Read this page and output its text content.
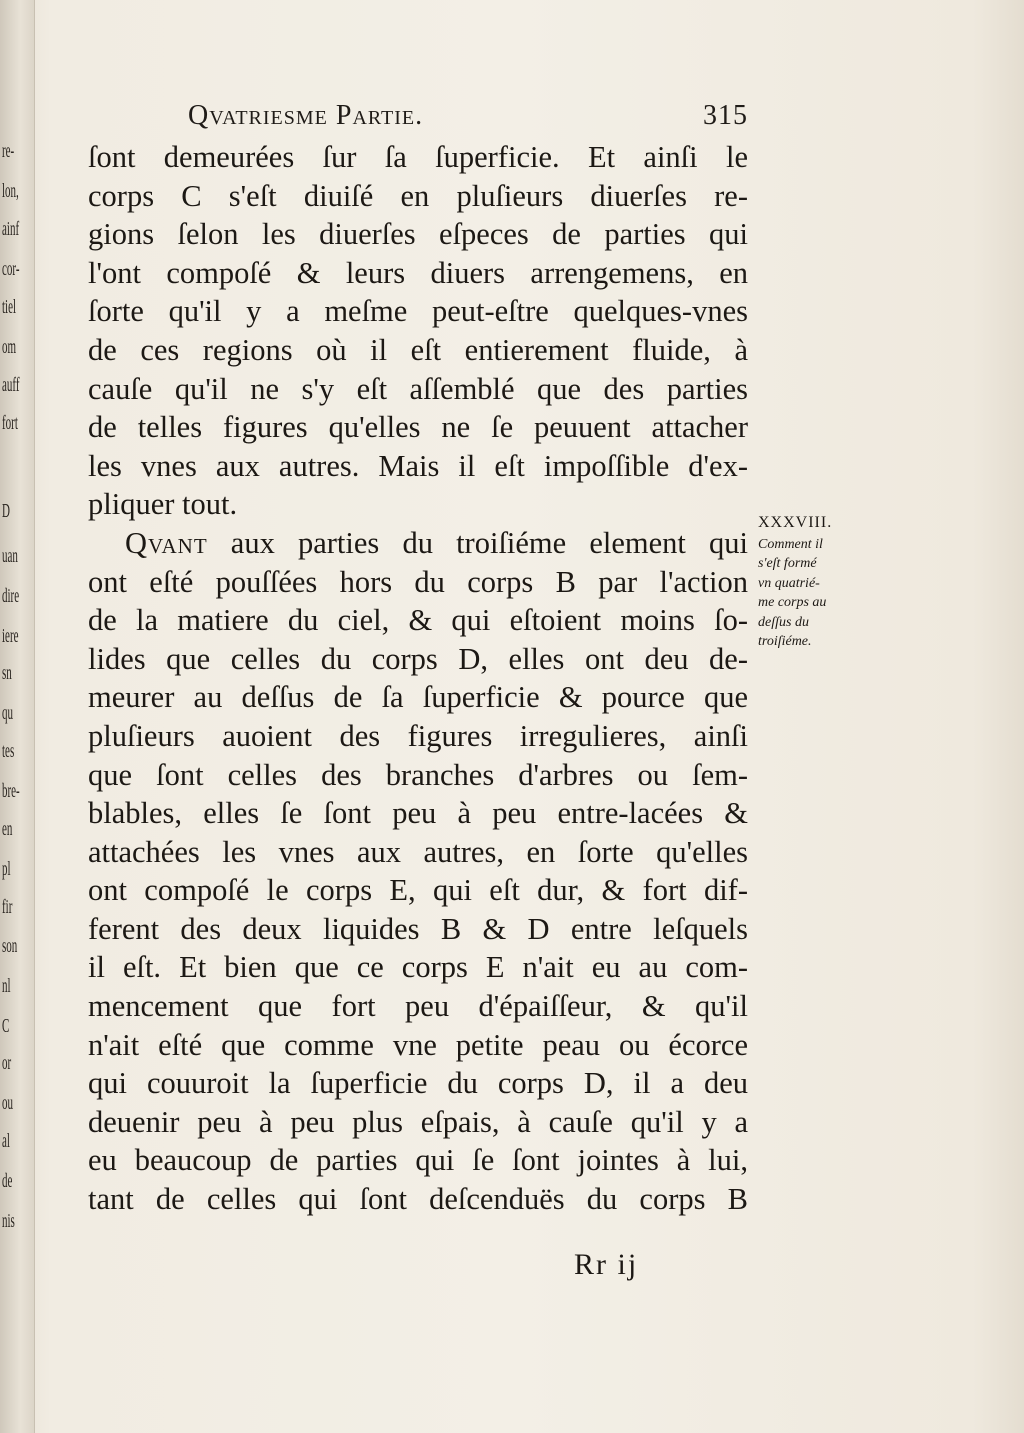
re-
lon,
ainf
cor-
tiel
om
auff
fort
D
uan
dire
iere
sn
qu
tes
bre-
en
pl
fir
son
nl
C
or
ou
al
de
nis
Qvatriesme Partie.	315
ſont demeurées ſur ſa ſuperficie. Et ainſi le
corps C s'eſt diuiſé en pluſieurs diuerſes re-
gions ſelon les diuerſes eſpeces de parties qui
l'ont compoſé & leurs diuers arrengemens, en
ſorte qu'il y a meſme peut-eſtre quelques-vnes
de ces regions où il eſt entierement fluide, à
cauſe qu'il ne s'y eſt aſſemblé que des parties
de telles figures qu'elles ne ſe peuuent attacher
les vnes aux autres. Mais il eſt impoſſible d'ex-
pliquer tout.
Qvant aux parties du troiſiéme element qui
ont eſté pouſſées hors du corps B par l'action
de la matiere du ciel, & qui eſtoient moins ſo-
lides que celles du corps D, elles ont deu de-
meurer au deſſus de ſa ſuperficie & pource que
pluſieurs auoient des figures irregulieres, ainſi
que ſont celles des branches d'arbres ou ſem-
blables, elles ſe ſont peu à peu entre-lacées &
attachées les vnes aux autres, en ſorte qu'elles
ont compoſé le corps E, qui eſt dur, & fort dif-
ferent des deux liquides B & D entre leſquels
il eſt. Et bien que ce corps E n'ait eu au com-
mencement que fort peu d'épaiſſeur, & qu'il
n'ait eſté que comme vne petite peau ou écorce
qui couuroit la ſuperficie du corps D, il a deu
deuenir peu à peu plus eſpais, à cauſe qu'il y a
eu beaucoup de parties qui ſe ſont jointes à lui,
tant de celles qui ſont deſcenduës du corps B
XXXVIII.
Comment il
s'eſt formé
vn quatrié-
me corps au
deſſus du
troiſiéme.
Rr ij
